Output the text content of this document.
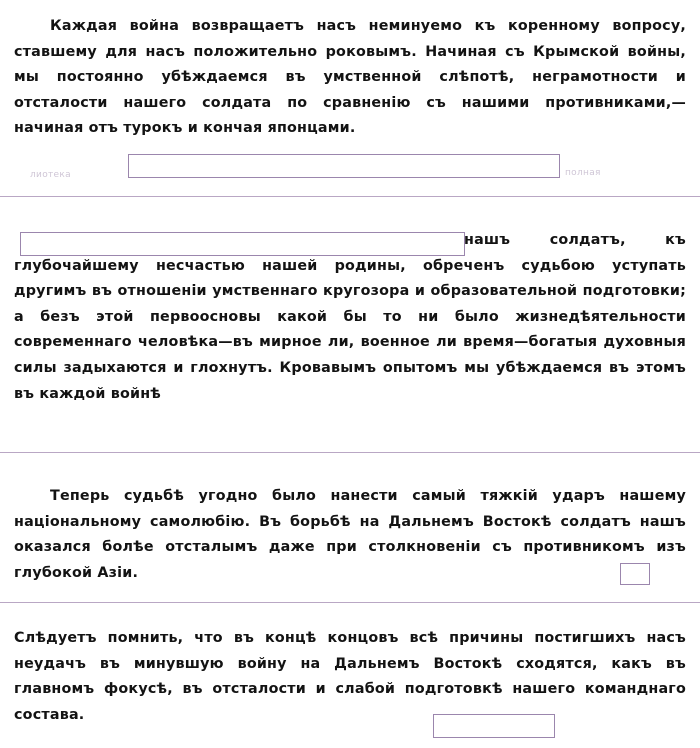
Каждая война возвращаетъ насъ неминуемо къ коренному вопросу, ставшему для насъ положительно роковымъ. Начиная съ Крымской войны, мы постоянно убѣждаемся въ умственной слѣпотѣ, неграмотности и отсталости нашего солдата по сравненію съ нашими противниками,— начиная отъ турокъ и кончая японцами.

нашъ солдатъ, къ глубочайшему несчастью нашей родины, обреченъ судьбою уступать другимъ въ отношеніи умственнаго кругозора и образовательной подготовки; а безъ этой первоосновы какой бы то ни было жизнедѣятельности современнаго человѣка—въ мирное ли, военное ли время—богатыя духовныя силы задыхаются и глохнутъ. Кровавымъ опытомъ мы убѣждаемся въ этомъ въ каждой войнѣ

Теперь судьбѣ угодно было нанести самый тяжкій ударъ нашему національному самолюбію. Въ борьбѣ на Дальнемъ Востокѣ солдатъ нашъ оказался болѣе отсталымъ даже при столкновеніи съ противникомъ изъ глубокой Азіи.

Слѣдуетъ помнить, что въ концѣ концовъ всѣ причины постигшихъ насъ неудачъ въ минувшую войну на Дальнемъ Востокѣ сходятся, какъ въ главномъ фокусѣ, въ отсталости и слабой подготовкѣ нашего команднаго состава.

лиотека	полная
